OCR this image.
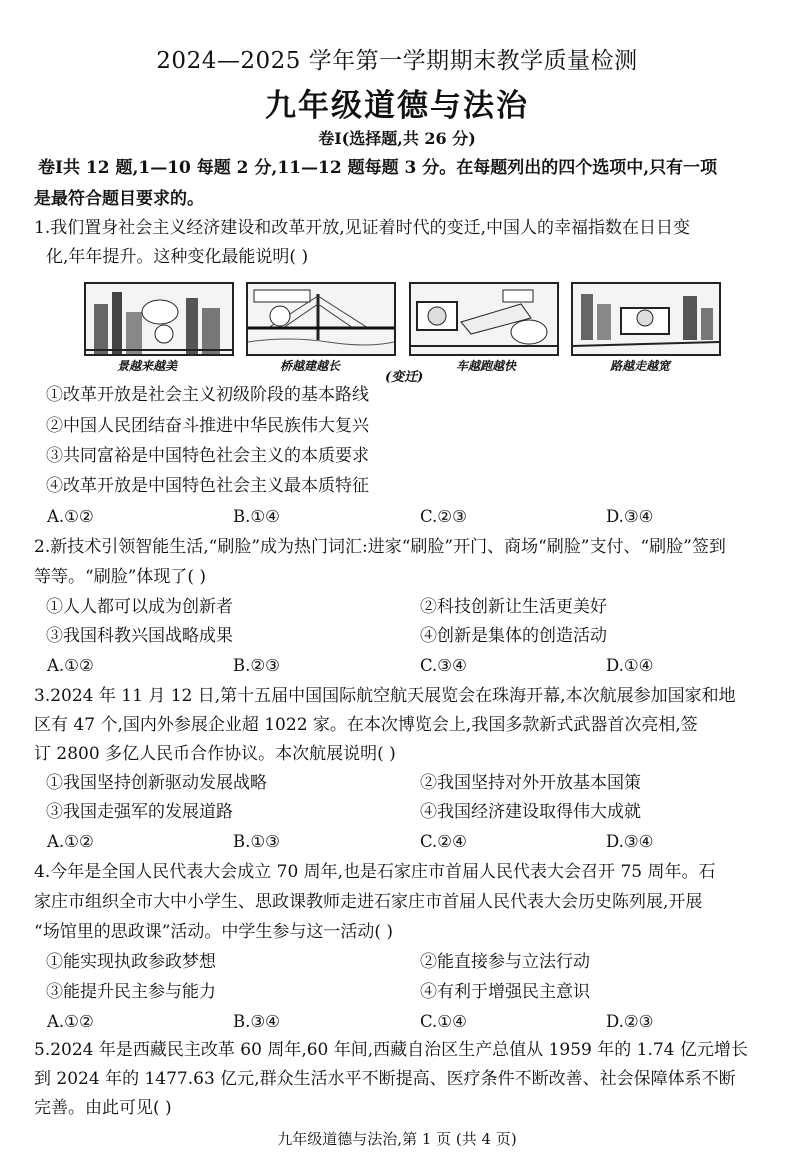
2024—2025 学年第一学期期末教学质量检测
九年级道德与法治
卷Ⅰ(选择题,共 26 分)
卷Ⅰ共 12 题,1—10 每题 2 分,11—12 题每题 3 分。在每题列出的四个选项中,只有一项
是最符合题目要求的。
1.我们置身社会主义经济建设和改革开放,见证着时代的变迁,中国人的幸福指数在日日变
化,年年提升。这种变化最能说明( )
景越来越美	桥越建越长
(变迁)
车越跑越快	路越走越宽
①改革开放是社会主义初级阶段的基本路线
②中国人民团结奋斗推进中华民族伟大复兴
③共同富裕是中国特色社会主义的本质要求
④改革开放是中国特色社会主义最本质特征
A.①②	B.①④	C.②③	D.③④
2.新技术引领智能生活,“刷脸”成为热门词汇:进家“刷脸”开门、商场“刷脸”支付、“刷脸”签到
等等。“刷脸”体现了( )
①人人都可以成为创新者	②科技创新让生活更美好
③我国科教兴国战略成果	④创新是集体的创造活动
A.①②	B.②③	C.③④	D.①④
3.2024 年 11 月 12 日,第十五届中国国际航空航天展览会在珠海开幕,本次航展参加国家和地
区有 47 个,国内外参展企业超 1022 家。在本次博览会上,我国多款新式武器首次亮相,签
订 2800 多亿人民币合作协议。本次航展说明( )
①我国坚持创新驱动发展战略	②我国坚持对外开放基本国策
③我国走强军的发展道路	④我国经济建设取得伟大成就
A.①②	B.①③	C.②④	D.③④
4.今年是全国人民代表大会成立 70 周年,也是石家庄市首届人民代表大会召开 75 周年。石
家庄市组织全市大中小学生、思政课教师走进石家庄市首届人民代表大会历史陈列展,开展
“场馆里的思政课”活动。中学生参与这一活动( )
①能实现执政参政梦想	②能直接参与立法行动
③能提升民主参与能力	④有利于增强民主意识
A.①②	B.③④	C.①④	D.②③
5.2024 年是西藏民主改革 60 周年,60 年间,西藏自治区生产总值从 1959 年的 1.74 亿元增长
到 2024 年的 1477.63 亿元,群众生活水平不断提高、医疗条件不断改善、社会保障体系不断
完善。由此可见( )
九年级道德与法治,第 1 页 (共 4 页)
